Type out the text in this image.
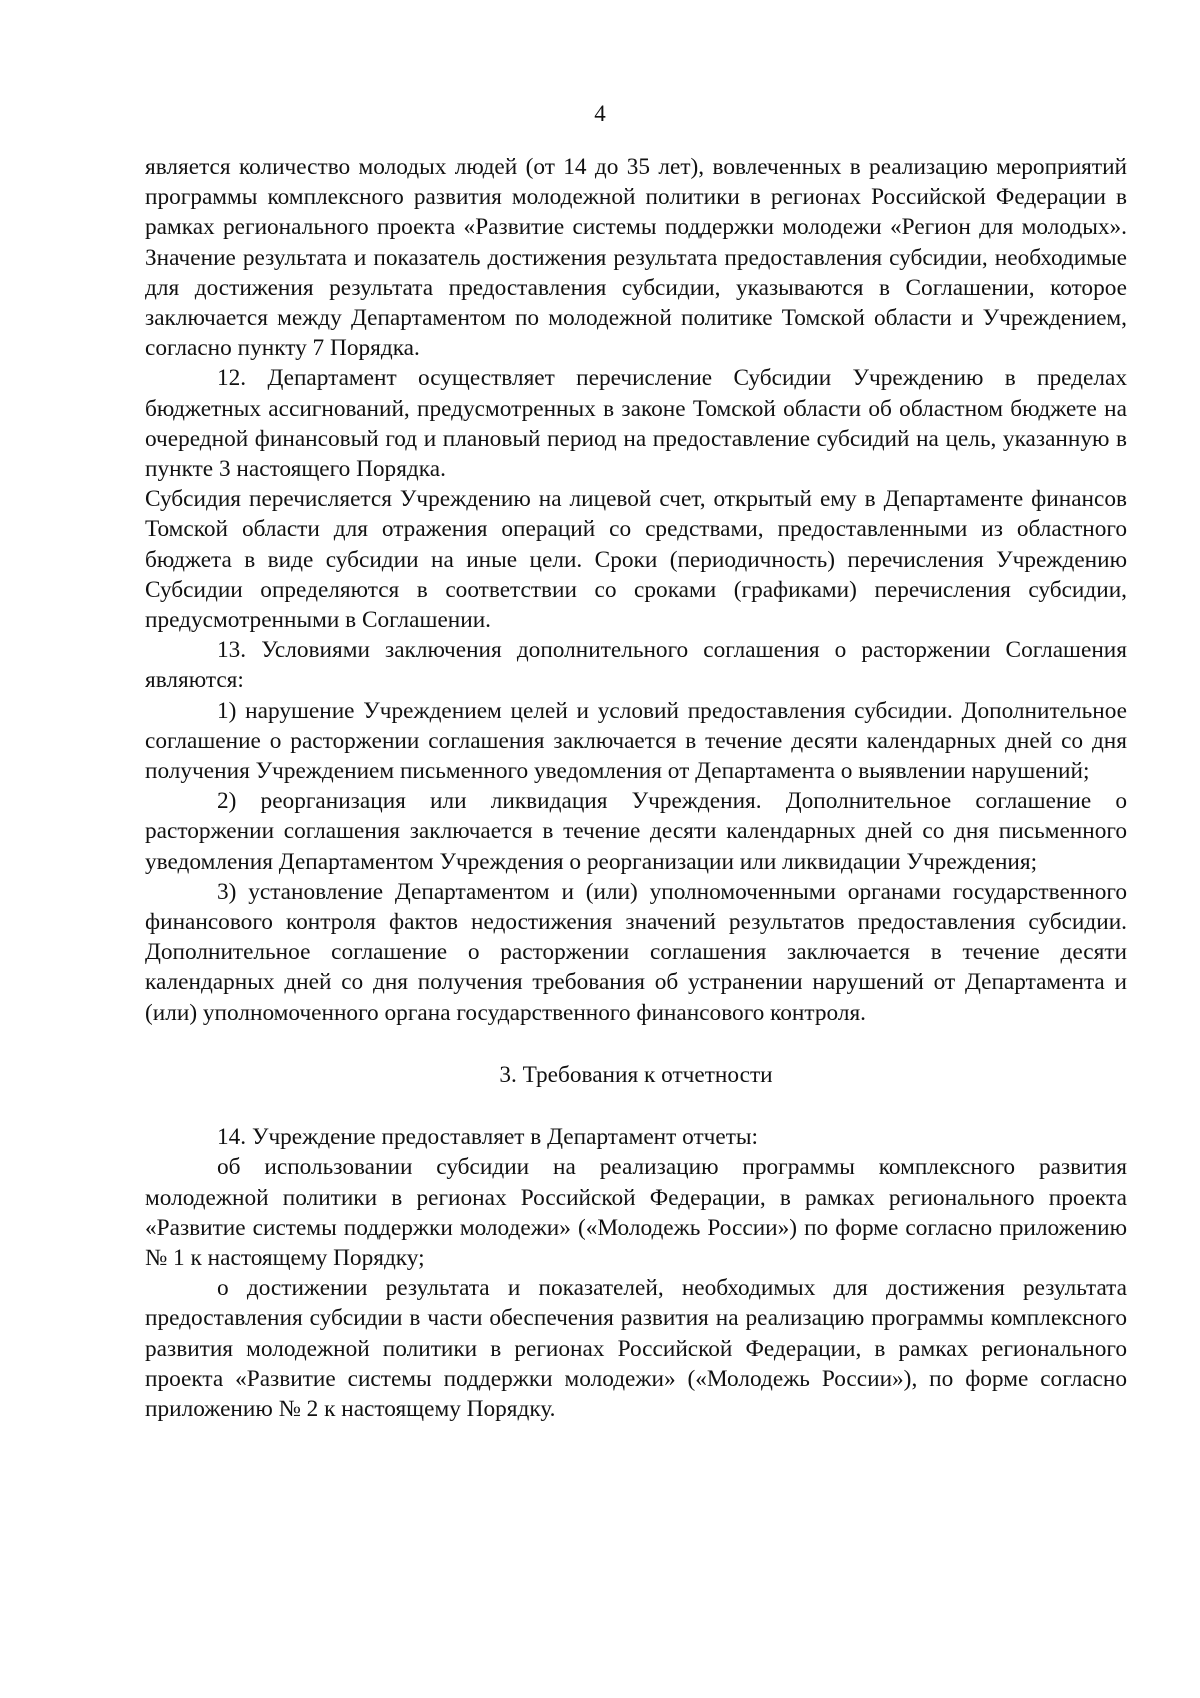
4

является количество молодых людей (от 14 до 35 лет), вовлеченных в реализацию мероприятий программы комплексного развития молодежной политики в регионах Российской Федерации в рамках регионального проекта «Развитие системы поддержки молодежи «Регион для молодых». Значение результата и показатель достижения результата предоставления субсидии, необходимые для достижения результата предоставления субсидии, указываются в Соглашении, которое заключается между Департаментом по молодежной политике Томской области и Учреждением, согласно пункту 7 Порядка.

12. Департамент осуществляет перечисление Субсидии Учреждению в пределах бюджетных ассигнований, предусмотренных в законе Томской области об областном бюджете на очередной финансовый год и плановый период на предоставление субсидий на цель, указанную в пункте 3 настоящего Порядка.

Субсидия перечисляется Учреждению на лицевой счет, открытый ему в Департаменте финансов Томской области для отражения операций со средствами, предоставленными из областного бюджета в виде субсидии на иные цели. Сроки (периодичность) перечисления Учреждению Субсидии определяются в соответствии со сроками (графиками) перечисления субсидии, предусмотренными в Соглашении.

13. Условиями заключения дополнительного соглашения о расторжении Соглашения являются:

1) нарушение Учреждением целей и условий предоставления субсидии. Дополнительное соглашение о расторжении соглашения заключается в течение десяти календарных дней со дня получения Учреждением письменного уведомления от Департамента о выявлении нарушений;

2) реорганизация или ликвидация Учреждения. Дополнительное соглашение о расторжении соглашения заключается в течение десяти календарных дней со дня письменного уведомления Департаментом Учреждения о реорганизации или ликвидации Учреждения;

3) установление Департаментом и (или) уполномоченными органами государственного финансового контроля фактов недостижения значений результатов предоставления субсидии. Дополнительное соглашение о расторжении соглашения заключается в течение десяти календарных дней со дня получения требования об устранении нарушений от Департамента и (или) уполномоченного органа государственного финансового контроля.

3. Требования к отчетности

14. Учреждение предоставляет в Департамент отчеты:

об использовании субсидии на реализацию программы комплексного развития молодежной политики в регионах Российской Федерации, в рамках регионального проекта «Развитие системы поддержки молодежи» («Молодежь России») по форме согласно приложению № 1 к настоящему Порядку;

о достижении результата и показателей, необходимых для достижения результата предоставления субсидии в части обеспечения развития на реализацию программы комплексного развития молодежной политики в регионах Российской Федерации, в рамках регионального проекта «Развитие системы поддержки молодежи» («Молодежь России»), по форме согласно приложению № 2 к настоящему Порядку.
